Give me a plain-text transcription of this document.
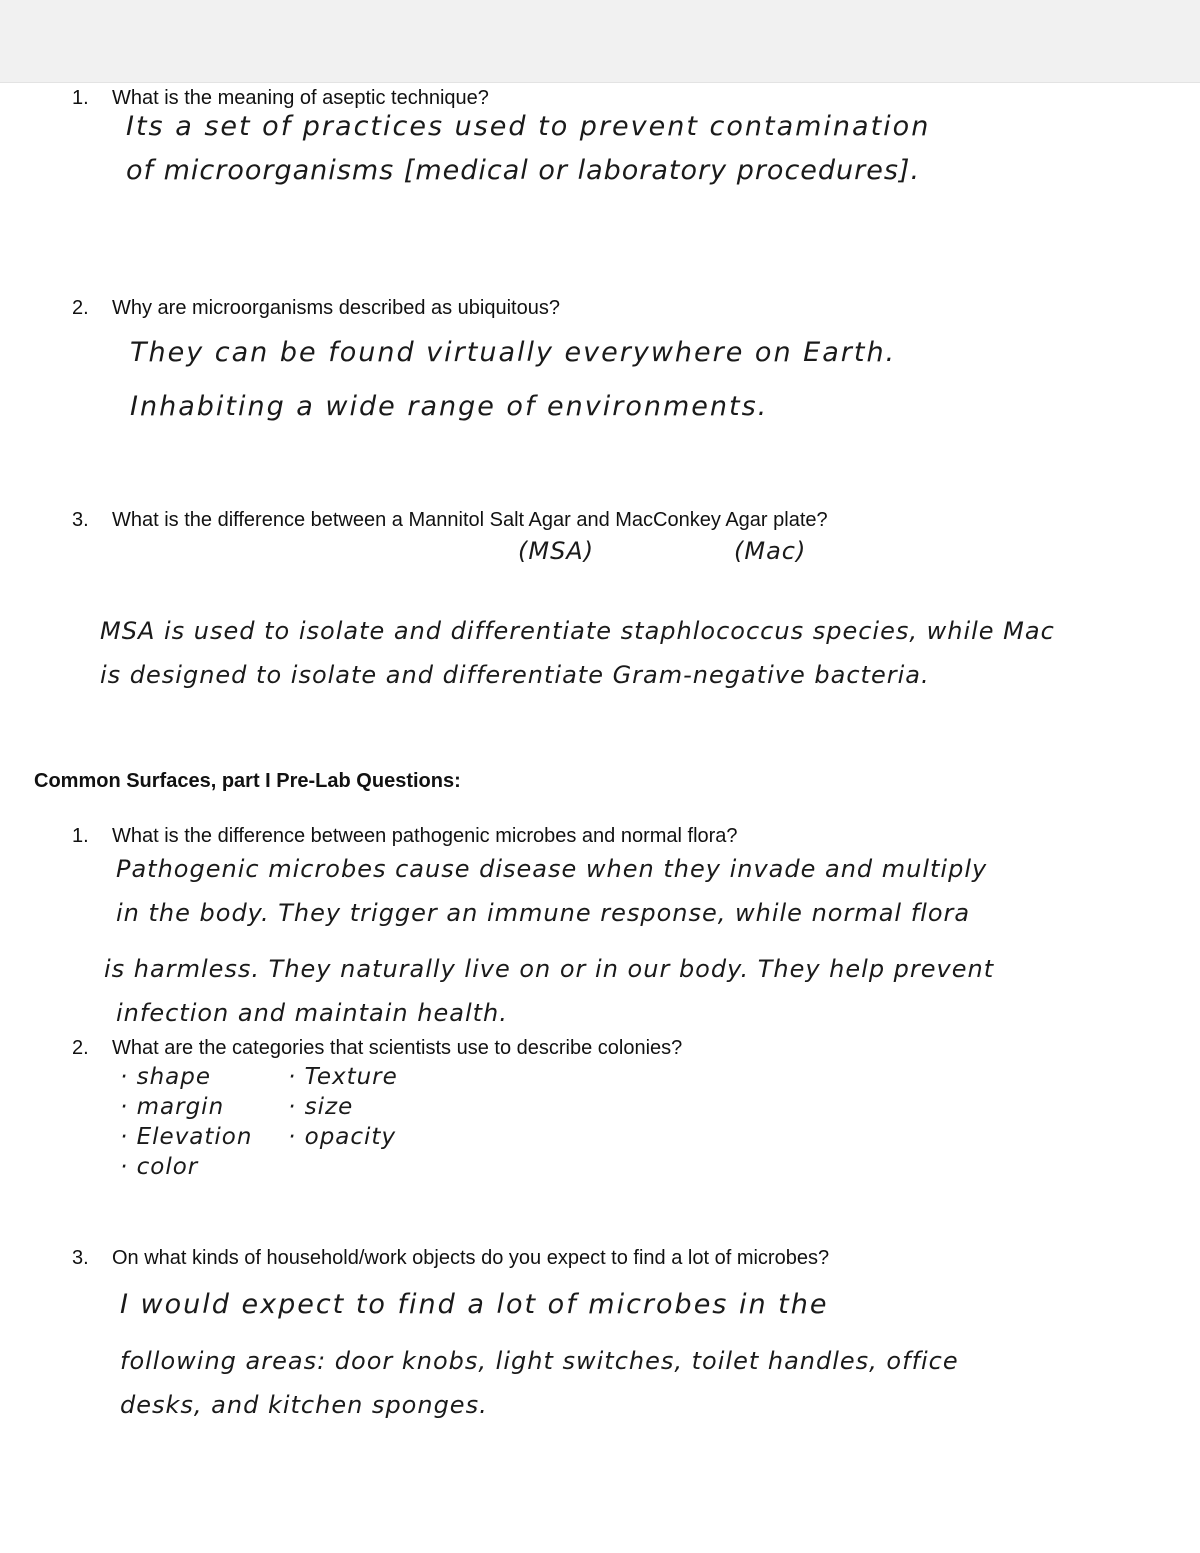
1. What is the meaning of aseptic technique?
Its a set of practices used to prevent contamination
of microorganisms [medical or laboratory procedures].
2. Why are microorganisms described as ubiquitous?
They can be found virtually everywhere on Earth.
Inhabiting a wide range of environments.
3. What is the difference between a Mannitol Salt Agar and MacConkey Agar plate?
(MSA)	(Mac)
MSA is used to isolate and differentiate staphlococcus species, while Mac
is designed to isolate and differentiate Gram-negative bacteria.
Common Surfaces, part I Pre-Lab Questions:
1. What is the difference between pathogenic microbes and normal flora?
Pathogenic microbes cause disease when they invade and multiply
in the body. They trigger an immune response, while normal flora
is harmless. They naturally live on or in our body. They help prevent
infection and maintain health.
2. What are the categories that scientists use to describe colonies?
· shape
· margin
· Elevation
· color
· Texture
· size
· opacity
3. On what kinds of household/work objects do you expect to find a lot of microbes?
I would expect to find a lot of microbes in the
following areas: door knobs, light switches, toilet handles, office
desks, and kitchen sponges.
